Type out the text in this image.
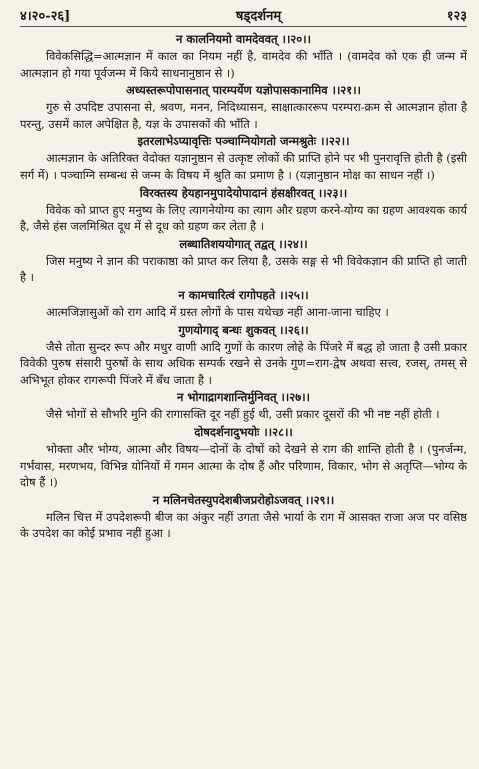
४।२०-२६]	षड्दर्शनम्	१२३
न कालनियमो वामदेववत् ।।२०।।

विवेकसिद्धि=आत्मज्ञान में काल का नियम नहीं है, वामदेव की भाँति । (वामदेव को एक ही जन्म में आत्मज्ञान हो गया पूर्वजन्म में किये साधनानुष्ठान से ।)

अध्यस्तरूपोपासनात् पारम्पर्येण यज्ञोपासकानामिव ।।२१।।

गुरु से उपदिष्ट उपासना से, श्रवण, मनन, निदिध्यासन, साक्षात्काररूप परम्परा-क्रम से आत्मज्ञान होता है परन्तु, उसमें काल अपेक्षित है, यज्ञ के उपासकों की भाँति ।

इतरलाभेऽप्यावृत्तिः पञ्चाग्नियोगतो जन्मश्रुतेः ।।२२।।

आत्मज्ञान के अतिरिक्त वेदोक्त यज्ञानुष्ठान से उत्कृष्ट लोकों की प्राप्ति होने पर भी पुनरावृत्ति होती है (इसी सर्ग में) । पञ्चाग्नि सम्बन्ध से जन्म के विषय में श्रुति का प्रमाण है । (यज्ञानुष्ठान मोक्ष का साधन नहीं ।)

विरक्तस्य हेयहानमुपादेयोपादानं हंसक्षीरवत् ।।२३।।

विवेक को प्राप्त हुए मनुष्य के लिए त्यागनेयोग्य का त्याग और ग्रहण करने-योग्य का ग्रहण आवश्यक कार्य है, जैसे हंस जलमिश्रित दूध में से दूध को ग्रहण कर लेता है ।

लब्धातिशययोगात् तद्वत् ।।२४।।

जिस मनुष्य ने ज्ञान की पराकाष्ठा को प्राप्त कर लिया है, उसके सङ्ग से भी विवेकज्ञान की प्राप्ति हो जाती है ।

न कामचारित्वं रागोपहते ।।२५।।

आत्मजिज्ञासुओं को राग आदि में ग्रस्त लोगों के पास यथेच्छ नहीं आना-जाना चाहिए ।

गुणयोगाद् बन्धः शुकवत् ।।२६।।

जैसे तोता सुन्दर रूप और मधुर वाणी आदि गुणों के कारण लोहे के पिंजरे में बद्ध हो जाता है उसी प्रकार विवेकी पुरुष संसारी पुरुषों के साथ अधिक सम्पर्क रखने से उनके गुण=राग-द्वेष अथवा सत्त्व, रजस्, तमस् से अभिभूत होकर रागरूपी पिंजरे में बँध जाता है ।

न भोगाद्रागशान्तिर्मुनिवत् ।।२७।।

जैसे भोगों से सौभरि मुनि की रागासक्ति दूर नहीं हुई थी, उसी प्रकार दूसरों की भी नष्ट नहीं होती ।

दोषदर्शनादुभयोः ।।२८।।

भोक्ता और भोग्य, आत्मा और विषय—दोनों के दोषों को देखने से राग की शान्ति होती है । (पुनर्जन्म, गर्भवास, मरणभय, विभिन्न योनियों में गमन आत्मा के दोष हैं और परिणाम, विकार, भोग से अतृप्ति—भोग्य के दोष हैं ।)

न मलिनचेतस्युपदेशबीजप्ररोहोऽजवत् ।।२९।।

मलिन चित्त में उपदेशरूपी बीज का अंकुर नहीं उगता जैसे भार्या के राग में आसक्त राजा अज पर वसिष्ठ के उपदेश का कोई प्रभाव नहीं हुआ ।
